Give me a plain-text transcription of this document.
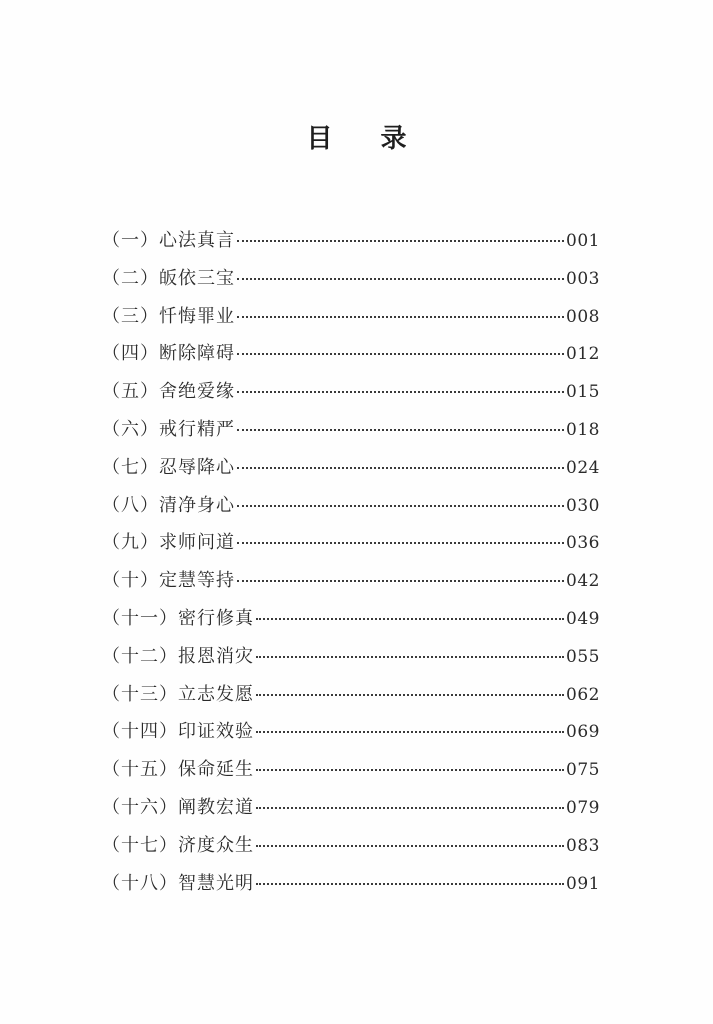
目 录
（一） 心法真言	001
（二） 皈依三宝	003
（三） 忏悔罪业	008
（四） 断除障碍	012
（五） 舍绝爱缘	015
（六） 戒行精严	018
（七） 忍辱降心	024
（八） 清净身心	030
（九） 求师问道	036
（十） 定慧等持	042
（十一） 密行修真	049
（十二） 报恩消灾	055
（十三） 立志发愿	062
（十四） 印证效验	069
（十五） 保命延生	075
（十六） 阐教宏道	079
（十七） 济度众生	083
（十八） 智慧光明	091
